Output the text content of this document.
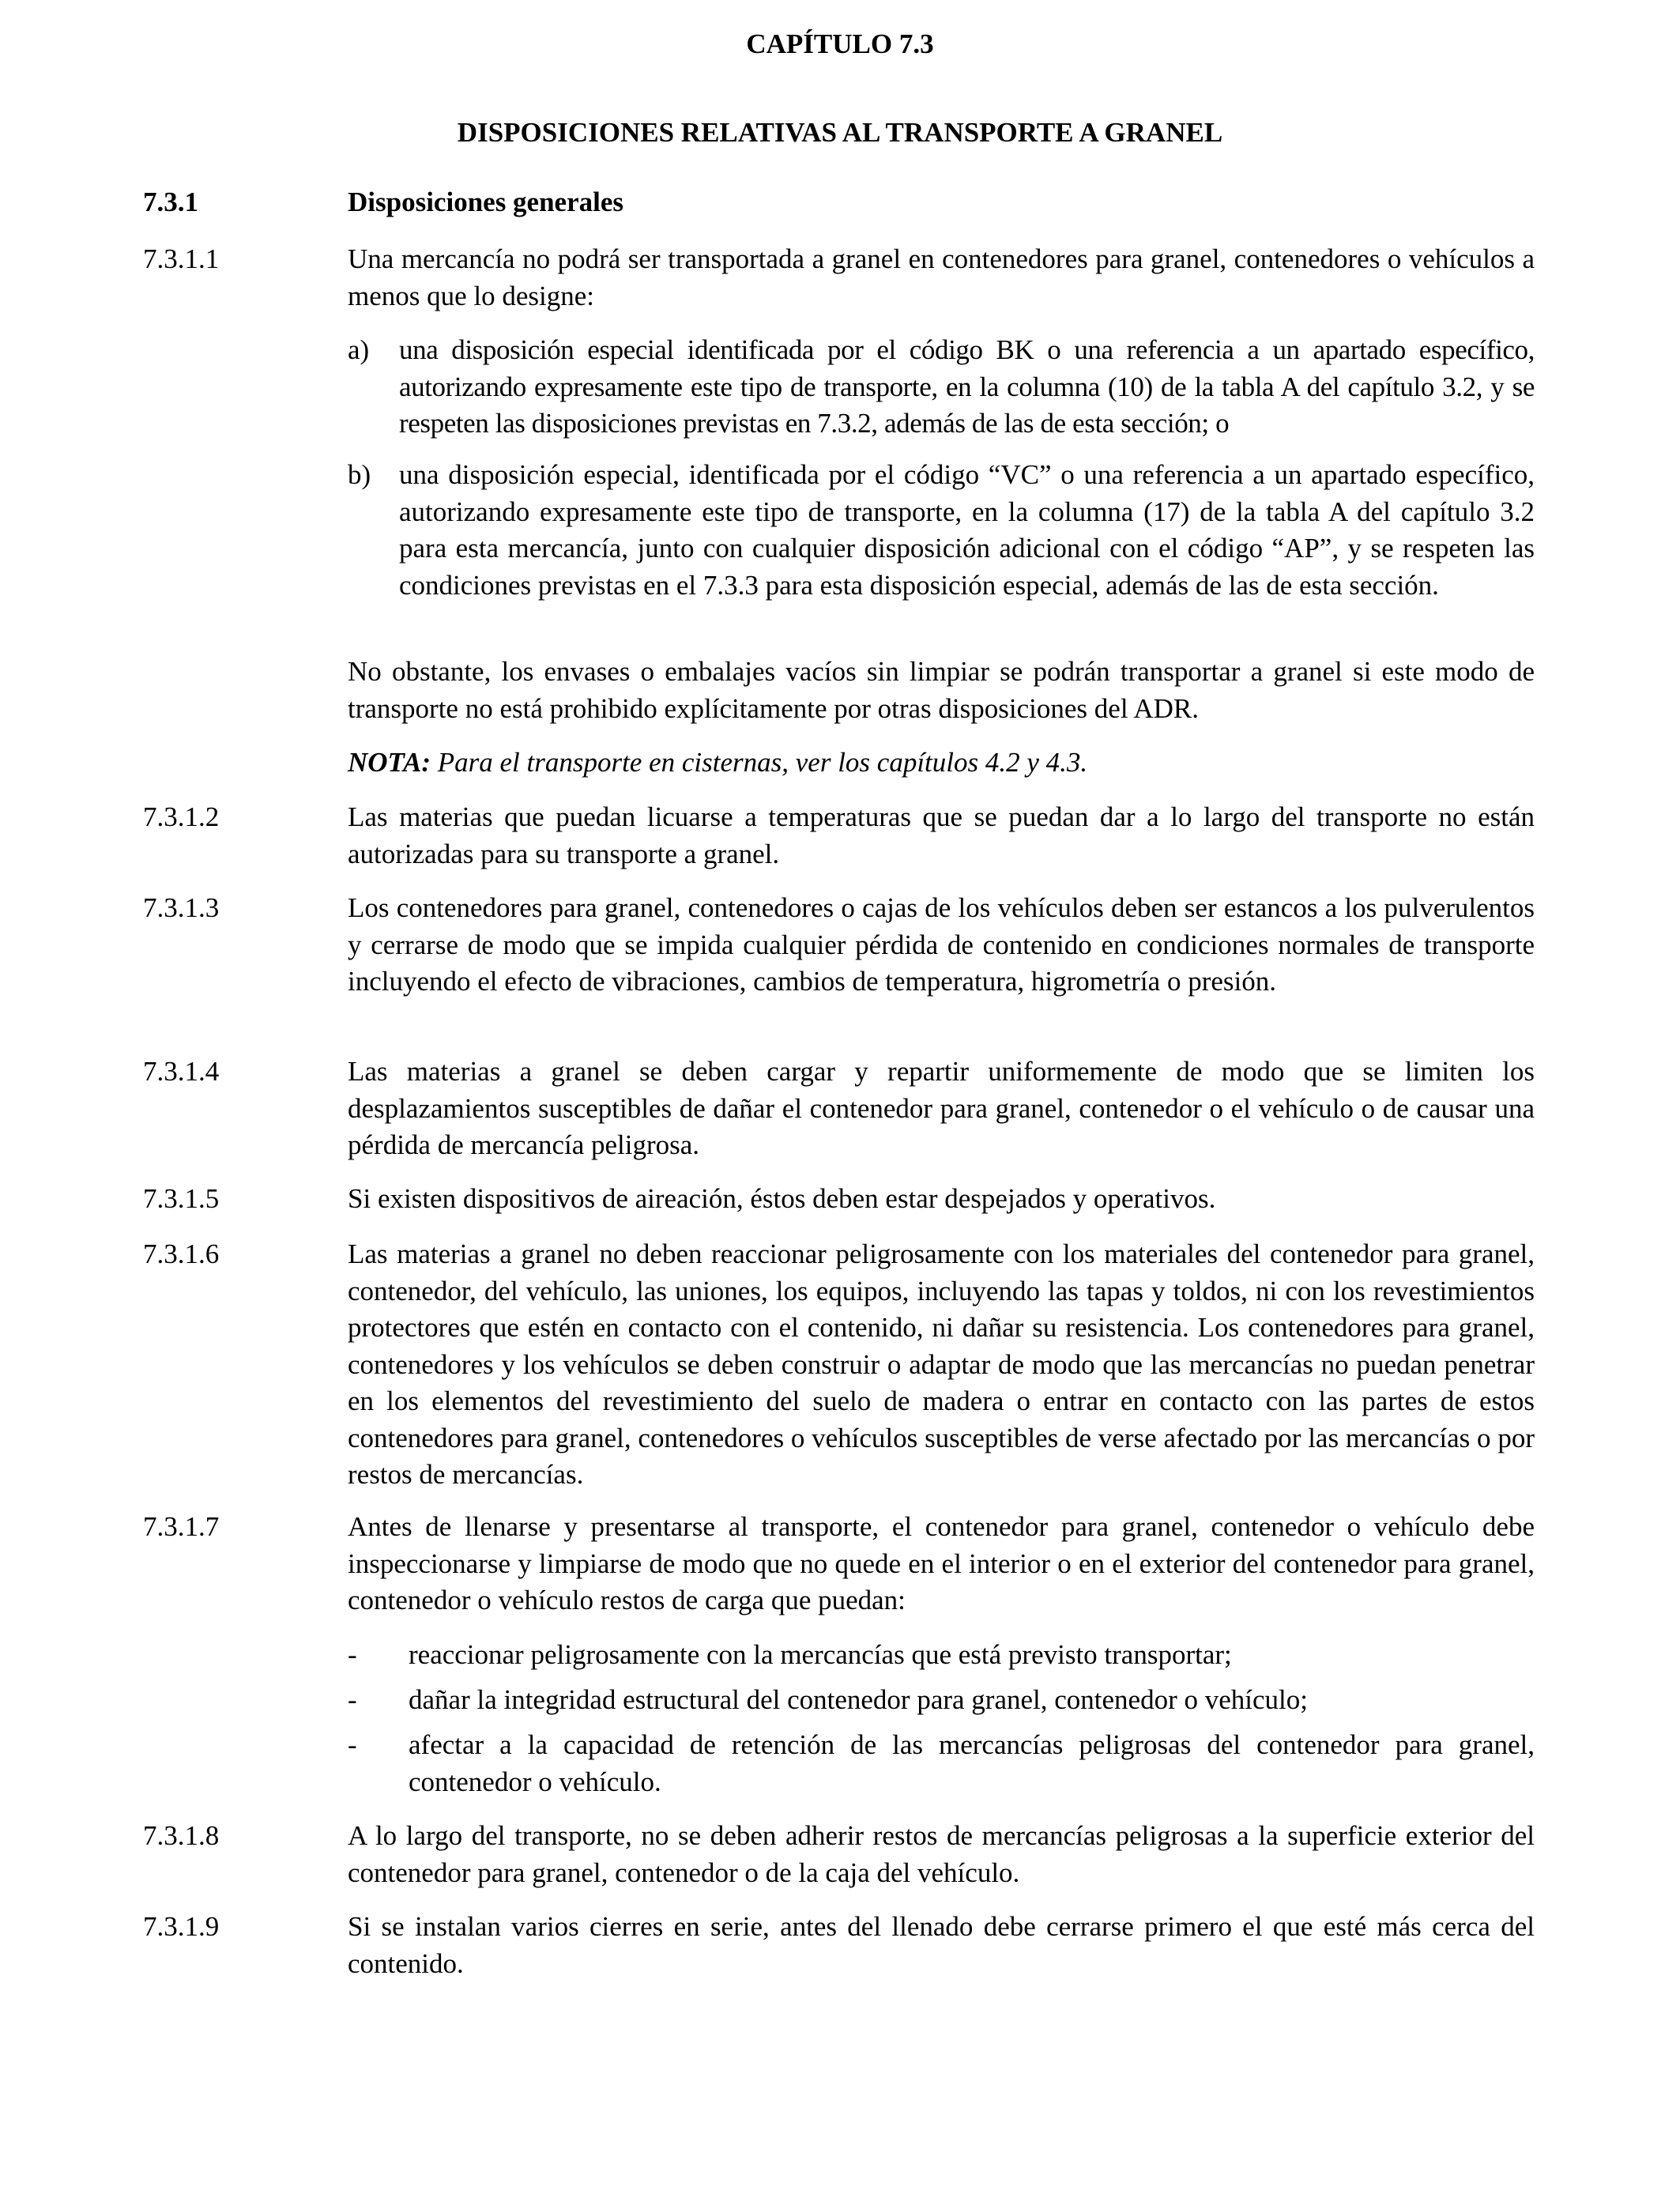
CAPÍTULO 7.3
DISPOSICIONES RELATIVAS AL TRANSPORTE A GRANEL
7.3.1	Disposiciones generales
7.3.1.1	Una mercancía no podrá ser transportada a granel en contenedores para granel, contenedores o vehículos a menos que lo designe:
a) una disposición especial identificada por el código BK o una referencia a un apartado específico, autorizando expresamente este tipo de transporte, en la columna (10) de la tabla A del capítulo 3.2, y se respeten las disposiciones previstas en 7.3.2, además de las de esta sección; o
b) una disposición especial, identificada por el código “VC” o una referencia a un apartado específico, autorizando expresamente este tipo de transporte, en la columna (17) de la tabla A del capítulo 3.2 para esta mercancía, junto con cualquier disposición adicional con el código “AP”, y se respeten las condiciones previstas en el 7.3.3 para esta disposición especial, además de las de esta sección.
No obstante, los envases o embalajes vacíos sin limpiar se podrán transportar a granel si este modo de transporte no está prohibido explícitamente por otras disposiciones del ADR.
NOTA: Para el transporte en cisternas, ver los capítulos 4.2 y 4.3.
7.3.1.2	Las materias que puedan licuarse a temperaturas que se puedan dar a lo largo del transporte no están autorizadas para su transporte a granel.
7.3.1.3	Los contenedores para granel, contenedores o cajas de los vehículos deben ser estancos a los pulverulentos y cerrarse de modo que se impida cualquier pérdida de contenido en condiciones normales de transporte incluyendo el efecto de vibraciones, cambios de temperatura, higrometría o presión.
7.3.1.4	Las materias a granel se deben cargar y repartir uniformemente de modo que se limiten los desplazamientos susceptibles de dañar el contenedor para granel, contenedor o el vehículo o de causar una pérdida de mercancía peligrosa.
7.3.1.5	Si existen dispositivos de aireación, éstos deben estar despejados y operativos.
7.3.1.6	Las materias a granel no deben reaccionar peligrosamente con los materiales del contenedor para granel, contenedor, del vehículo, las uniones, los equipos, incluyendo las tapas y toldos, ni con los revestimientos protectores que estén en contacto con el contenido, ni dañar su resistencia. Los contenedores para granel, contenedores y los vehículos se deben construir o adaptar de modo que las mercancías no puedan penetrar en los elementos del revestimiento del suelo de madera o entrar en contacto con las partes de estos contenedores para granel, contenedores o vehículos susceptibles de verse afectado por las mercancías o por restos de mercancías.
7.3.1.7	Antes de llenarse y presentarse al transporte, el contenedor para granel, contenedor o vehículo debe inspeccionarse y limpiarse de modo que no quede en el interior o en el exterior del contenedor para granel, contenedor o vehículo restos de carga que puedan:
- reaccionar peligrosamente con la mercancías que está previsto transportar;
- dañar la integridad estructural del contenedor para granel, contenedor o vehículo;
- afectar a la capacidad de retención de las mercancías peligrosas del contenedor para granel, contenedor o vehículo.
7.3.1.8	A lo largo del transporte, no se deben adherir restos de mercancías peligrosas a la superficie exterior del contenedor para granel, contenedor o de la caja del vehículo.
7.3.1.9	Si se instalan varios cierres en serie, antes del llenado debe cerrarse primero el que esté más cerca del contenido.
